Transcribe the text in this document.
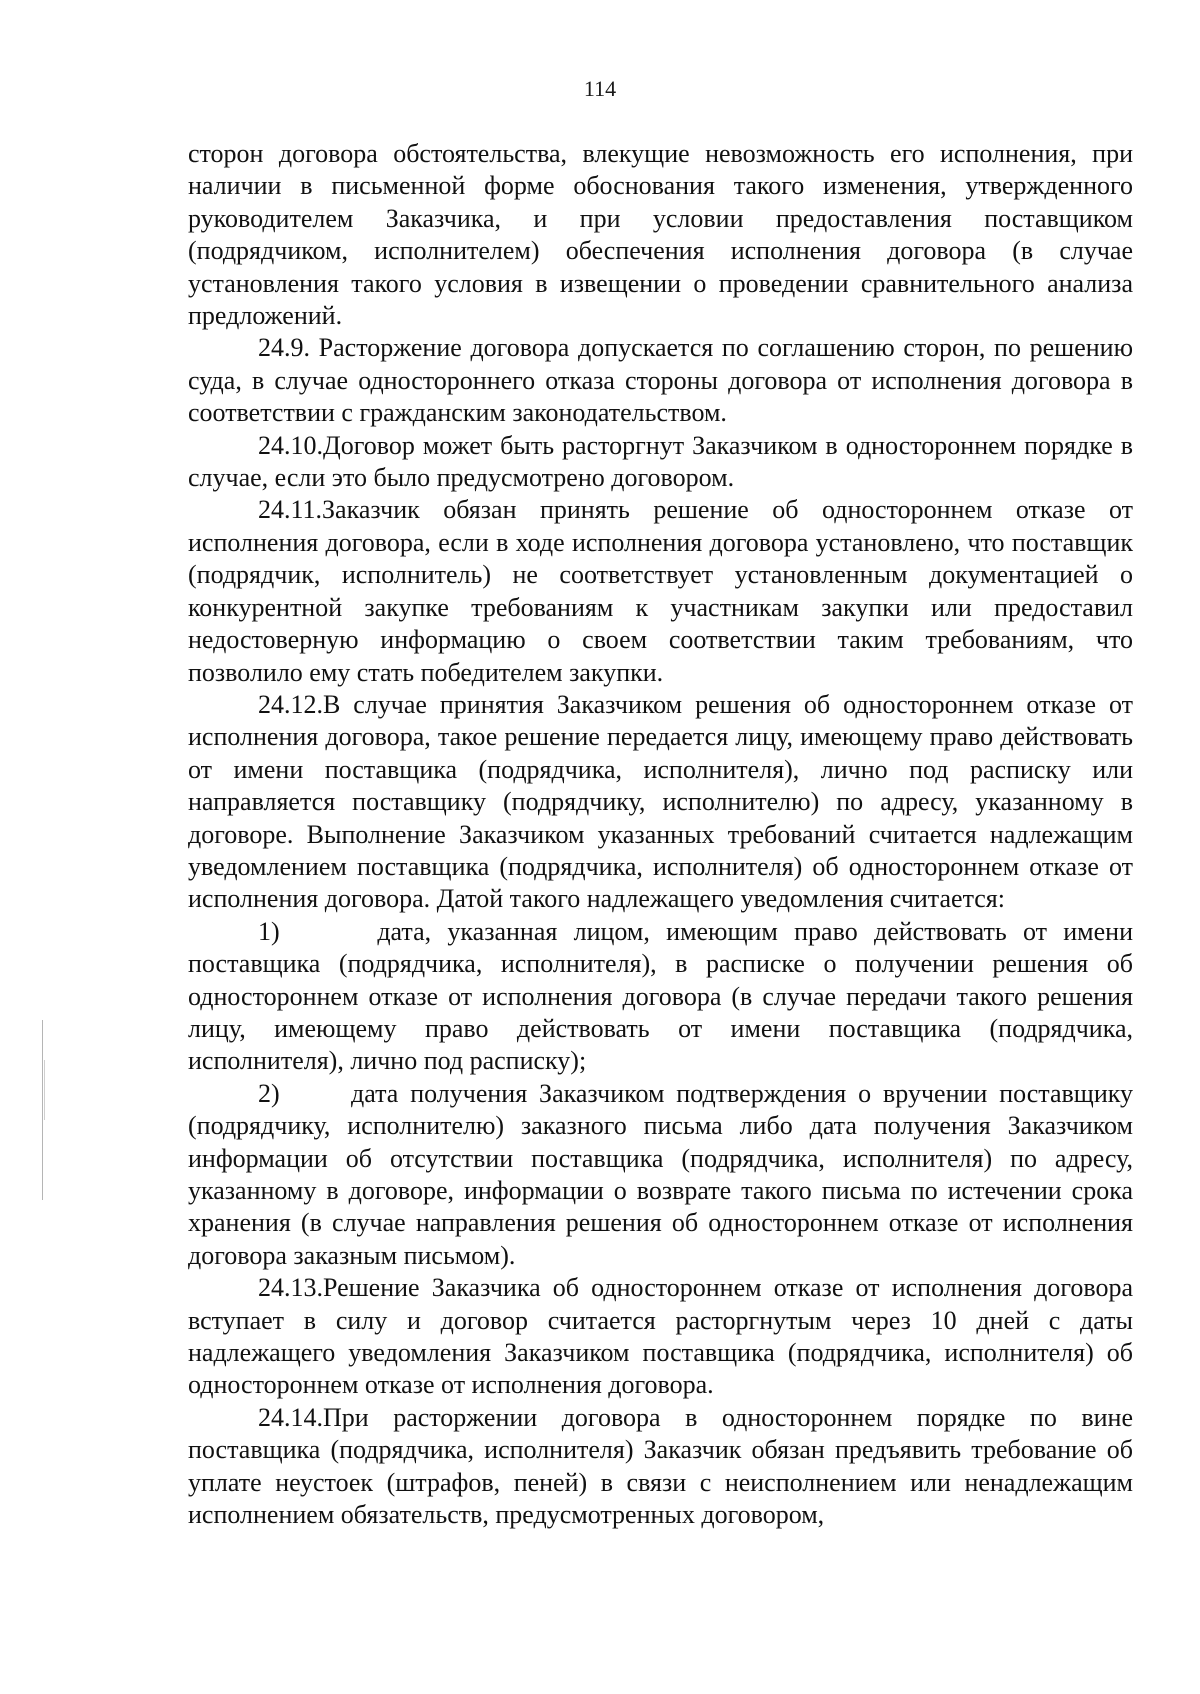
114

сторон договора обстоятельства, влекущие невозможность его исполнения, при наличии в письменной форме обоснования такого изменения, утвержденного руководителем Заказчика, и при условии предоставления поставщиком (подрядчиком, исполнителем) обеспечения исполнения договора (в случае установления такого условия в извещении о проведении сравнительного анализа предложений.

24.9. Расторжение договора допускается по соглашению сторон, по решению суда, в случае одностороннего отказа стороны договора от исполнения договора в соответствии с гражданским законодательством.

24.10.Договор может быть расторгнут Заказчиком в одностороннем порядке в случае, если это было предусмотрено договором.

24.11.Заказчик обязан принять решение об одностороннем отказе от исполнения договора, если в ходе исполнения договора установлено, что поставщик (подрядчик, исполнитель) не соответствует установленным документацией о конкурентной закупке требованиям к участникам закупки или предоставил недостоверную информацию о своем соответствии таким требованиям, что позволило ему стать победителем закупки.

24.12.В случае принятия Заказчиком решения об одностороннем отказе от исполнения договора, такое решение передается лицу, имеющему право действовать от имени поставщика (подрядчика, исполнителя), лично под расписку или направляется поставщику (подрядчику, исполнителю) по адресу, указанному в договоре. Выполнение Заказчиком указанных требований считается надлежащим уведомлением поставщика (подрядчика, исполнителя) об одностороннем отказе от исполнения договора. Датой такого надлежащего уведомления считается:

1)      дата, указанная лицом, имеющим право действовать от имени поставщика (подрядчика, исполнителя), в расписке о получении решения об одностороннем отказе от исполнения договора (в случае передачи такого решения лицу, имеющему право действовать от имени поставщика (подрядчика, исполнителя), лично под расписку);

2)      дата получения Заказчиком подтверждения о вручении поставщику (подрядчику, исполнителю) заказного письма либо дата получения Заказчиком информации об отсутствии поставщика (подрядчика, исполнителя) по адресу, указанному в договоре, информации о возврате такого письма по истечении срока хранения (в случае направления решения об одностороннем отказе от исполнения договора заказным письмом).

24.13.Решение Заказчика об одностороннем отказе от исполнения договора вступает в силу и договор считается расторгнутым через 10 дней с даты надлежащего уведомления Заказчиком поставщика (подрядчика, исполнителя) об одностороннем отказе от исполнения договора.

24.14.При расторжении договора в одностороннем порядке по вине поставщика (подрядчика, исполнителя) Заказчик обязан предъявить требование об уплате неустоек (штрафов, пеней) в связи с неисполнением или ненадлежащим исполнением обязательств, предусмотренных договором,
